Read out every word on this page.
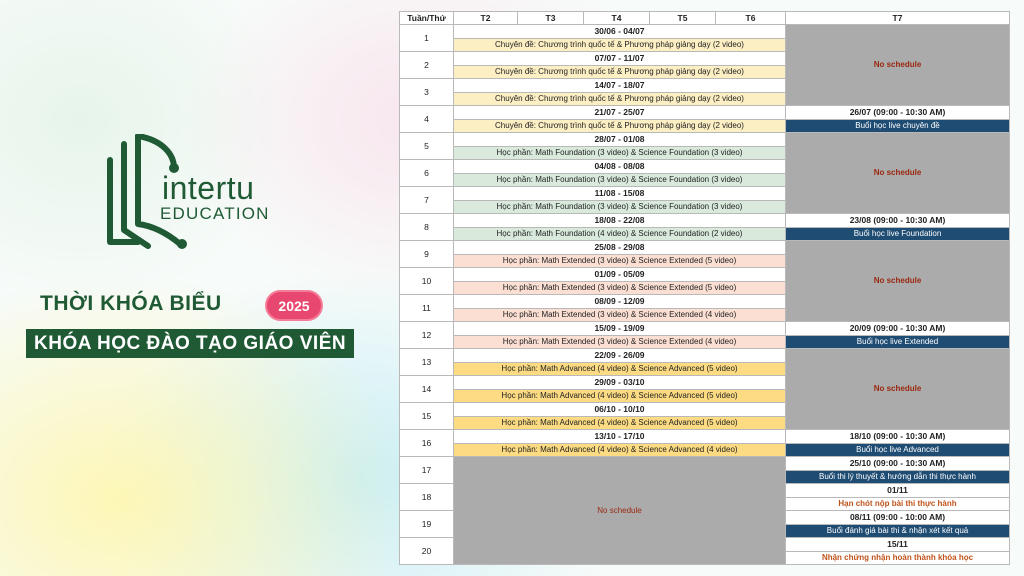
intertu
EDUCATION
THỜI KHÓA BIỂU	2025
KHÓA HỌC ĐÀO TẠO GIÁO VIÊN
Tuần/Thứ	T2	T3	T4	T5	T6	T7
1	30/06 - 04/07					No schedule
	Chuyên đề: Chương trình quốc tế & Phương pháp giảng dạy (2 video)					
2	07/07 - 11/07					
	Chuyên đề: Chương trình quốc tế & Phương pháp giảng dạy (2 video)					
3	14/07 - 18/07					
	Chuyên đề: Chương trình quốc tế & Phương pháp giảng dạy (2 video)					
4	21/07 - 25/07					26/07 (09:00 - 10:30 AM)
	Chuyên đề: Chương trình quốc tế & Phương pháp giảng dạy (2 video)					Buổi học live chuyên đề
5	28/07 - 01/08					No schedule
	Học phần: Math Foundation (3 video) & Science Foundation (3 video)					
6	04/08 - 08/08					
	Học phần: Math Foundation (3 video) & Science Foundation (3 video)					
7	11/08 - 15/08					
	Học phần: Math Foundation (3 video) & Science Foundation (3 video)					
8	18/08 - 22/08					23/08 (09:00 - 10:30 AM)
	Học phần: Math Foundation (4 video) & Science Foundation (2 video)					Buổi học live Foundation
9	25/08 - 29/08					No schedule
	Học phần: Math Extended (3 video) & Science Extended (5 video)					
10	01/09 - 05/09					
	Học phần: Math Extended (3 video) & Science Extended (5 video)					
11	08/09 - 12/09					
	Học phần: Math Extended (3 video) & Science Extended (4 video)					
12	15/09 - 19/09					20/09 (09:00 - 10:30 AM)
	Học phần: Math Extended (3 video) & Science Extended (4 video)					Buổi học live Extended
13	22/09 - 26/09					No schedule
	Học phần: Math Advanced (4 video) & Science Advanced (5 video)					
14	29/09 - 03/10					
	Học phần: Math Advanced (4 video) & Science Advanced (5 video)					
15	06/10 - 10/10					
	Học phần: Math Advanced (4 video) & Science Advanced (5 video)					
16	13/10 - 17/10					18/10 (09:00 - 10:30 AM)
	Học phần: Math Advanced (4 video) & Science Advanced (4 video)					Buổi học live Advanced
17	No schedule					25/10 (09:00 - 10:30 AM)
						Buổi thi lý thuyết & hướng dẫn thi thực hành
18						01/11
						Hạn chót nộp bài thi thực hành
19						08/11 (09:00 - 10:00 AM)
						Buổi đánh giá bài thi & nhận xét kết quả
20						15/11
						Nhận chứng nhận hoàn thành khóa học
